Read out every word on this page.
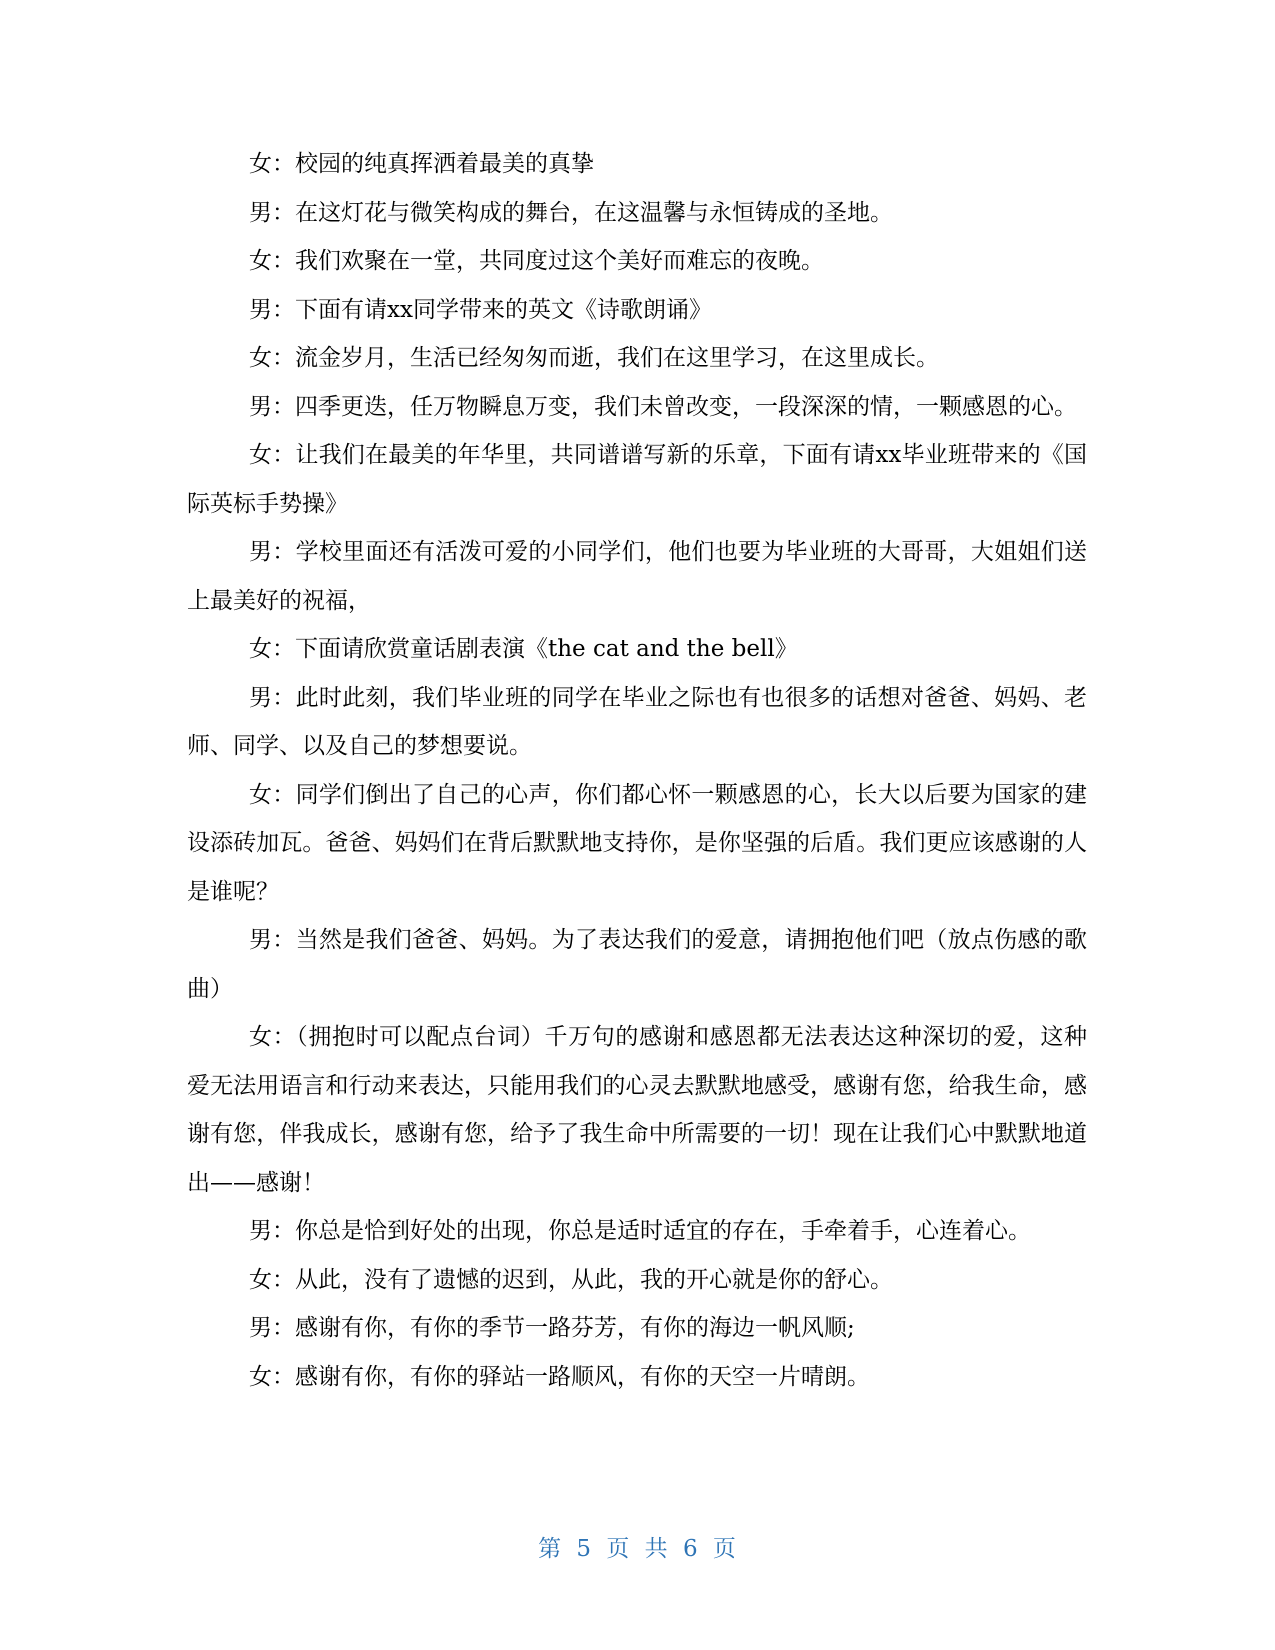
女：校园的纯真挥洒着最美的真挚

男：在这灯花与微笑构成的舞台，在这温馨与永恒铸成的圣地。

女：我们欢聚在一堂，共同度过这个美好而难忘的夜晚。

男：下面有请xx同学带来的英文《诗歌朗诵》

女：流金岁月，生活已经匆匆而逝，我们在这里学习，在这里成长。

男：四季更迭，任万物瞬息万变，我们未曾改变，一段深深的情，一颗感恩的心。

女：让我们在最美的年华里，共同谱谱写新的乐章，下面有请xx毕业班带来的《国际英标手势操》

男：学校里面还有活泼可爱的小同学们，他们也要为毕业班的大哥哥，大姐姐们送上最美好的祝福，

女：下面请欣赏童话剧表演《the cat and the bell》

男：此时此刻，我们毕业班的同学在毕业之际也有也很多的话想对爸爸、妈妈、老师、同学、以及自己的梦想要说。

女：同学们倒出了自己的心声，你们都心怀一颗感恩的心，长大以后要为国家的建设添砖加瓦。爸爸、妈妈们在背后默默地支持你，是你坚强的后盾。我们更应该感谢的人是谁呢？

男：当然是我们爸爸、妈妈。为了表达我们的爱意，请拥抱他们吧（放点伤感的歌曲）

女：（拥抱时可以配点台词）千万句的感谢和感恩都无法表达这种深切的爱，这种爱无法用语言和行动来表达，只能用我们的心灵去默默地感受，感谢有您，给我生命，感谢有您，伴我成长，感谢有您，给予了我生命中所需要的一切！现在让我们心中默默地道出——感谢！

男：你总是恰到好处的出现，你总是适时适宜的存在，手牵着手，心连着心。

女：从此，没有了遗憾的迟到，从此，我的开心就是你的舒心。

男：感谢有你，有你的季节一路芬芳，有你的海边一帆风顺;

女：感谢有你，有你的驿站一路顺风，有你的天空一片晴朗。

第 5 页 共 6 页
